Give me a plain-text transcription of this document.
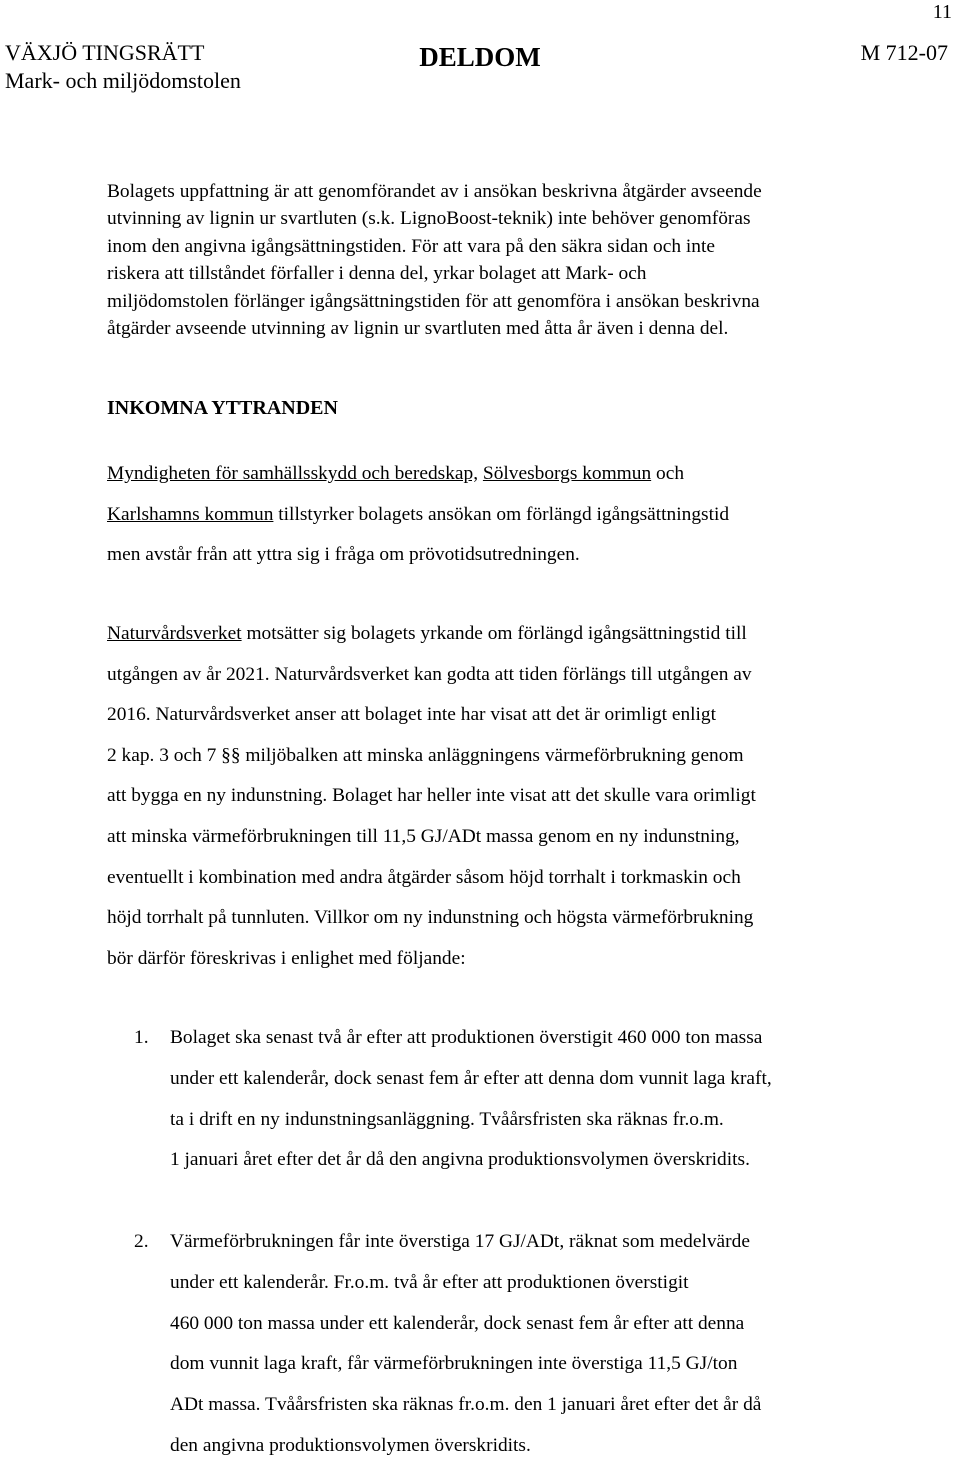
11
VÄXJÖ TINGSRÄTT
Mark- och miljödomstolen
DELDOM	M 712-07
Bolagets uppfattning är att genomförandet av i ansökan beskrivna åtgärder avseende
utvinning av lignin ur svartluten (s.k. LignoBoost-teknik) inte behöver genomföras
inom den angivna igångsättningstiden. För att vara på den säkra sidan och inte
riskera att tillståndet förfaller i denna del, yrkar bolaget att Mark- och
miljödomstolen förlänger igångsättningstiden för att genomföra i ansökan beskrivna
åtgärder avseende utvinning av lignin ur svartluten med åtta år även i denna del.
INKOMNA YTTRANDEN
Myndigheten för samhällsskydd och beredskap, Sölvesborgs kommun och
Karlshamns kommun tillstyrker bolagets ansökan om förlängd igångsättningstid
men avstår från att yttra sig i fråga om prövotidsutredningen.
Naturvårdsverket motsätter sig bolagets yrkande om förlängd igångsättningstid till
utgången av år 2021. Naturvårdsverket kan godta att tiden förlängs till utgången av
2016. Naturvårdsverket anser att bolaget inte har visat att det är orimligt enligt
2 kap. 3 och 7 §§ miljöbalken att minska anläggningens värmeförbrukning genom
att bygga en ny indunstning. Bolaget har heller inte visat att det skulle vara orimligt
att minska värmeförbrukningen till 11,5 GJ/ADt massa genom en ny indunstning,
eventuellt i kombination med andra åtgärder såsom höjd torrhalt i torkmaskin och
höjd torrhalt på tunnluten. Villkor om ny indunstning och högsta värmeförbrukning
bör därför föreskrivas i enlighet med följande:
1. Bolaget ska senast två år efter att produktionen överstigit 460 000 ton massa
under ett kalenderår, dock senast fem år efter att denna dom vunnit laga kraft,
ta i drift en ny indunstningsanläggning. Tvåårsfristen ska räknas fr.o.m.
1 januari året efter det år då den angivna produktionsvolymen överskridits.
2. Värmeförbrukningen får inte överstiga 17 GJ/ADt, räknat som medelvärde
under ett kalenderår. Fr.o.m. två år efter att produktionen överstigit
460 000 ton massa under ett kalenderår, dock senast fem år efter att denna
dom vunnit laga kraft, får värmeförbrukningen inte överstiga 11,5 GJ/ton
ADt massa. Tvåårsfristen ska räknas fr.o.m. den 1 januari året efter det år då
den angivna produktionsvolymen överskridits.
